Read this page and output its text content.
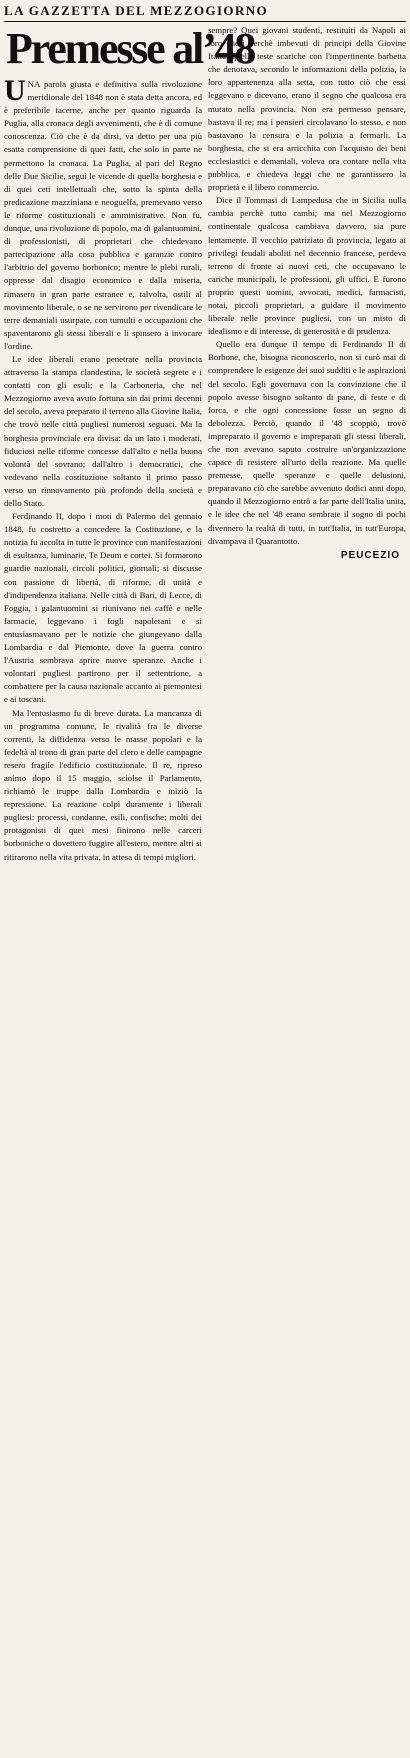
LA GAZZETTA DEL MEZZOGIORNO
Premesse al’48

UNA parola giusta e definitiva sulla rivoluzione meridionale del 1848 non è stata detta ancora, ed è preferibile tacerne, anche per quanto riguarda la Puglia, alla cronaca degli avvenimenti, che è di comune conoscenza. Ciò che è da dirsi, va detto per una più esatta comprensione di quei fatti, che solo in parte ne permettono la cronaca. La Puglia, al pari del Regno delle Due Sicilie, seguì le vicende di quella borghesia e di quei ceti intellettuali che, sotto la spinta della predicazione mazziniana e neoguelfa, premevano verso le riforme costituzionali e amministrative. Non fu, dunque, una rivoluzione di popolo, ma di galantuomini, di professionisti, di proprietari che chiedevano partecipazione alla cosa pubblica e garanzie contro l'arbitrio del governo borbonico; mentre le plebi rurali, oppresse dal disagio economico e dalla miseria, rimasero in gran parte estranee e, talvolta, ostili al movimento liberale, o se ne servirono per rivendicare le terre demaniali usurpate, con tumulti e occupazioni che spaventarono gli stessi liberali e li spinsero a invocare l'ordine.

Le idee liberali erano penetrate nella provincia attraverso la stampa clandestina, le società segrete e i contatti con gli esuli; e la Carboneria, che nel Mezzogiorno aveva avuto fortuna sin dai primi decenni del secolo, aveva preparato il terreno alla Giovine Italia, che trovò nelle città pugliesi numerosi seguaci. Ma la borghesia provinciale era divisa: da un lato i moderati, fiduciosi nelle riforme concesse dall'alto e nella buona volontà del sovrano; dall'altro i democratici, che vedevano nella costituzione soltanto il primo passo verso un rinnovamento più profondo della società e dello Stato.

Ferdinando II, dopo i moti di Palermo del gennaio 1848, fu costretto a concedere la Costituzione, e la notizia fu accolta in tutte le province con manifestazioni di esultanza, luminarie, Te Deum e cortei. Si formarono guardie nazionali, circoli politici, giornali; si discusse con passione di libertà, di riforme, di unità e d'indipendenza italiana. Nelle città di Bari, di Lecce, di Foggia, i galantuomini si riunivano nei caffè e nelle farmacie, leggevano i fogli napoletani e si entusiasmavano per le notizie che giungevano dalla Lombardia e dal Piemonte, dove la guerra contro l'Austria sembrava aprire nuove speranze. Anche i volontari pugliesi partirono per il settentrione, a combattere per la causa nazionale accanto ai piemontesi e ai toscani.

Ma l'entusiasmo fu di breve durata. La mancanza di un programma comune, le rivalità fra le diverse correnti, la diffidenza verso le masse popolari e la fedeltà al trono di gran parte del clero e delle campagne resero fragile l'edificio costituzionale. Il re, ripreso animo dopo il 15 maggio, sciolse il Parlamento, richiamò le truppe dalla Lombardia e iniziò la repressione. La reazione colpì duramente i liberali pugliesi: processi, condanne, esili, confische; molti dei protagonisti di quei mesi finirono nelle carceri borboniche o dovettero fuggire all'estero, mentre altri si ritirarono nella vita privata, in attesa di tempi migliori.

sempre? Quei giovani studenti, restituiti da Napoli ai loro paesi perchè imbevuti di principi della Giovine Italia, quelle teste scariche con l'impertinente barbetta che denotava, secondo le informazioni della polizia, la loro appartenenza alla setta, con tutto ciò che essi leggevano e dicevano, erano il segno che qualcosa era mutato nella provincia. Non era permesso pensare, bastava il re; ma i pensieri circolavano lo stesso, e non bastavano la censura e la polizia a fermarli. La borghesia, che si era arricchita con l'acquisto dei beni ecclesiastici e demaniali, voleva ora contare nella vita pubblica, e chiedeva leggi che ne garantissero la proprietà e il libero commercio.

Dice il Tommasi di Lampedusa che in Sicilia nulla cambia perchè tutto cambi; ma nel Mezzogiorno continentale qualcosa cambiava davvero, sia pure lentamente. Il vecchio patriziato di provincia, legato ai privilegi feudali aboliti nel decennio francese, perdeva terreno di fronte ai nuovi ceti, che occupavano le cariche municipali, le professioni, gli uffici. E furono proprio questi uomini, avvocati, medici, farmacisti, notai, piccoli proprietari, a guidare il movimento liberale nelle province pugliesi, con un misto di idealismo e di interesse, di generosità e di prudenza.

Quello era dunque il tempo di Ferdinando II di Borbone, che, bisogna riconoscerlo, non si curò mai di comprendere le esigenze dei suoi sudditi e le aspirazioni del secolo. Egli governava con la convinzione che il popolo avesse bisogno soltanto di pane, di feste e di forca, e che ogni concessione fosse un segno di debolezza. Perciò, quando il '48 scoppiò, trovò impreparato il governo e impreparati gli stessi liberali, che non avevano saputo costruire un'organizzazione capace di resistere all'urto della reazione. Ma quelle premesse, quelle speranze e quelle delusioni, preparavano ciò che sarebbe avvenuto dodici anni dopo, quando il Mezzogiorno entrò a far parte dell'Italia unita, e le idee che nel '48 erano sembrate il sogno di pochi divennero la realtà di tutti, in tutt'Italia, in tutt'Europa, divampava il Quarantotto.

PEUCEZIO
